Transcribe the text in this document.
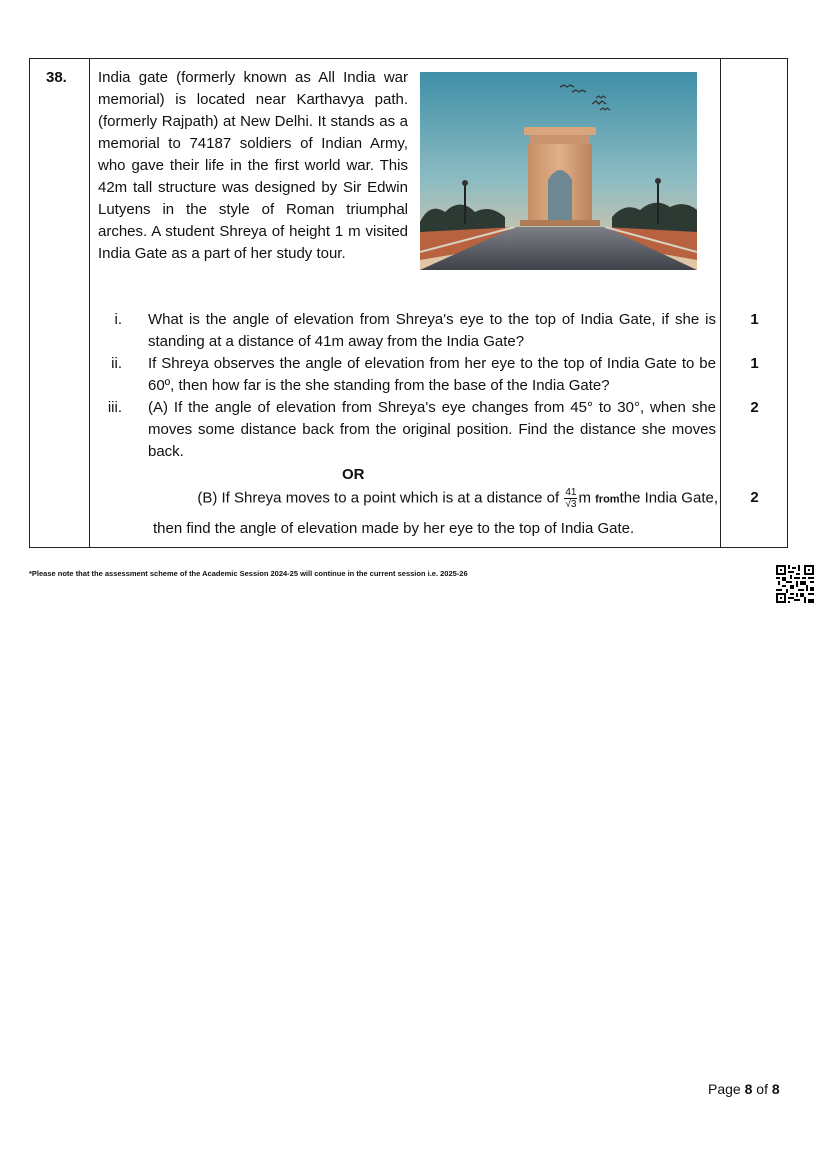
38. India gate (formerly known as All India war memorial) is located near Karthavya path. (formerly Rajpath) at New Delhi. It stands as a memorial to 74187 soldiers of Indian Army, who gave their life in the first world war. This 42m tall structure was designed by Sir Edwin Lutyens in the style of Roman triumphal arches. A student Shreya of height 1 m visited India Gate as a part of her study tour.
i. What is the angle of elevation from Shreya's eye to the top of India Gate, if she is standing at a distance of 41m away from the India Gate?
ii. If Shreya observes the angle of elevation from her eye to the top of India Gate to be 60º, then how far is the she standing from the base of the India Gate?
iii. (A) If the angle of elevation from Shreya's eye changes from 45° to 30°, when she moves some distance back from the original position. Find the distance she moves back.
OR
(B) If Shreya moves to a point which is at a distance of $\frac{41}{√3}$ m fromthe India Gate,
then find the angle of elevation made by her eye to the top of India Gate.
1
1
2
2
*Please note that the assessment scheme of the Academic Session 2024-25 will continue in the current session i.e. 2025-26
Page 8 of 8
